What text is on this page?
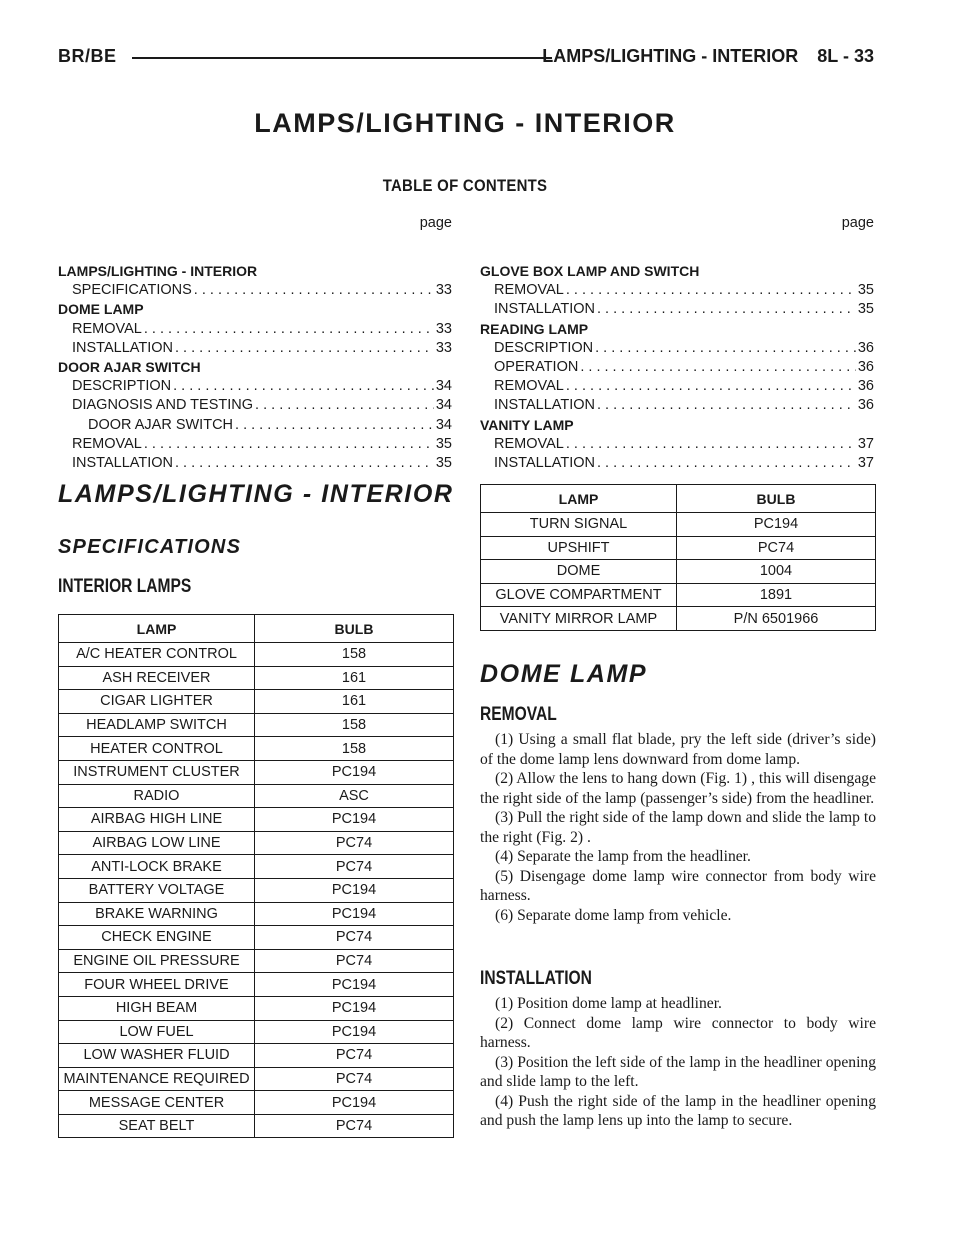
BR/BE	LAMPS/LIGHTING - INTERIOR 8L - 33
LAMPS/LIGHTING - INTERIOR
TABLE OF CONTENTS
page
LAMPS/LIGHTING - INTERIOR
SPECIFICATIONS . . .	33
DOME LAMP
REMOVAL . . .	33
INSTALLATION . . .	33
DOOR AJAR SWITCH
DESCRIPTION . . .	34
DIAGNOSIS AND TESTING . . .	34
DOOR AJAR SWITCH . . .	34
REMOVAL . . .	35
INSTALLATION . . .	35
page
GLOVE BOX LAMP AND SWITCH
REMOVAL . . .	35
INSTALLATION . . .	35
READING LAMP
DESCRIPTION . . .	36
OPERATION . . .	36
REMOVAL . . .	36
INSTALLATION . . .	36
VANITY LAMP
REMOVAL . . .	37
INSTALLATION . . .	37
LAMPS/LIGHTING - INTERIOR
SPECIFICATIONS
INTERIOR LAMPS
LAMP	BULB
A/C HEATER CONTROL	158
ASH RECEIVER	161
CIGAR LIGHTER	161
HEADLAMP SWITCH	158
HEATER CONTROL	158
INSTRUMENT CLUSTER	PC194
RADIO	ASC
AIRBAG HIGH LINE	PC194
AIRBAG LOW LINE	PC74
ANTI-LOCK BRAKE	PC74
BATTERY VOLTAGE	PC194
BRAKE WARNING	PC194
CHECK ENGINE	PC74
ENGINE OIL PRESSURE	PC74
FOUR WHEEL DRIVE	PC194
HIGH BEAM	PC194
LOW FUEL	PC194
LOW WASHER FLUID	PC74
MAINTENANCE REQUIRED	PC74
MESSAGE CENTER	PC194
SEAT BELT	PC74
LAMP	BULB
TURN SIGNAL	PC194
UPSHIFT	PC74
DOME	1004
GLOVE COMPARTMENT	1891
VANITY MIRROR LAMP	P/N 6501966
DOME LAMP
REMOVAL

(1) Using a small flat blade, pry the left side (driver’s side) of the dome lamp lens downward from dome lamp.

(2) Allow the lens to hang down (Fig. 1) , this will disengage the right side of the lamp (passenger’s side) from the headliner.

(3) Pull the right side of the lamp down and slide the lamp to the right (Fig. 2) .

(4) Separate the lamp from the headliner.

(5) Disengage dome lamp wire connector from body wire harness.

(6) Separate dome lamp from vehicle.

INSTALLATION

(1) Position dome lamp at headliner.

(2) Connect dome lamp wire connector to body wire harness.

(3) Position the left side of the lamp in the headliner opening and slide lamp to the left.

(4) Push the right side of the lamp in the headliner opening and push the lamp lens up into the lamp to secure.
